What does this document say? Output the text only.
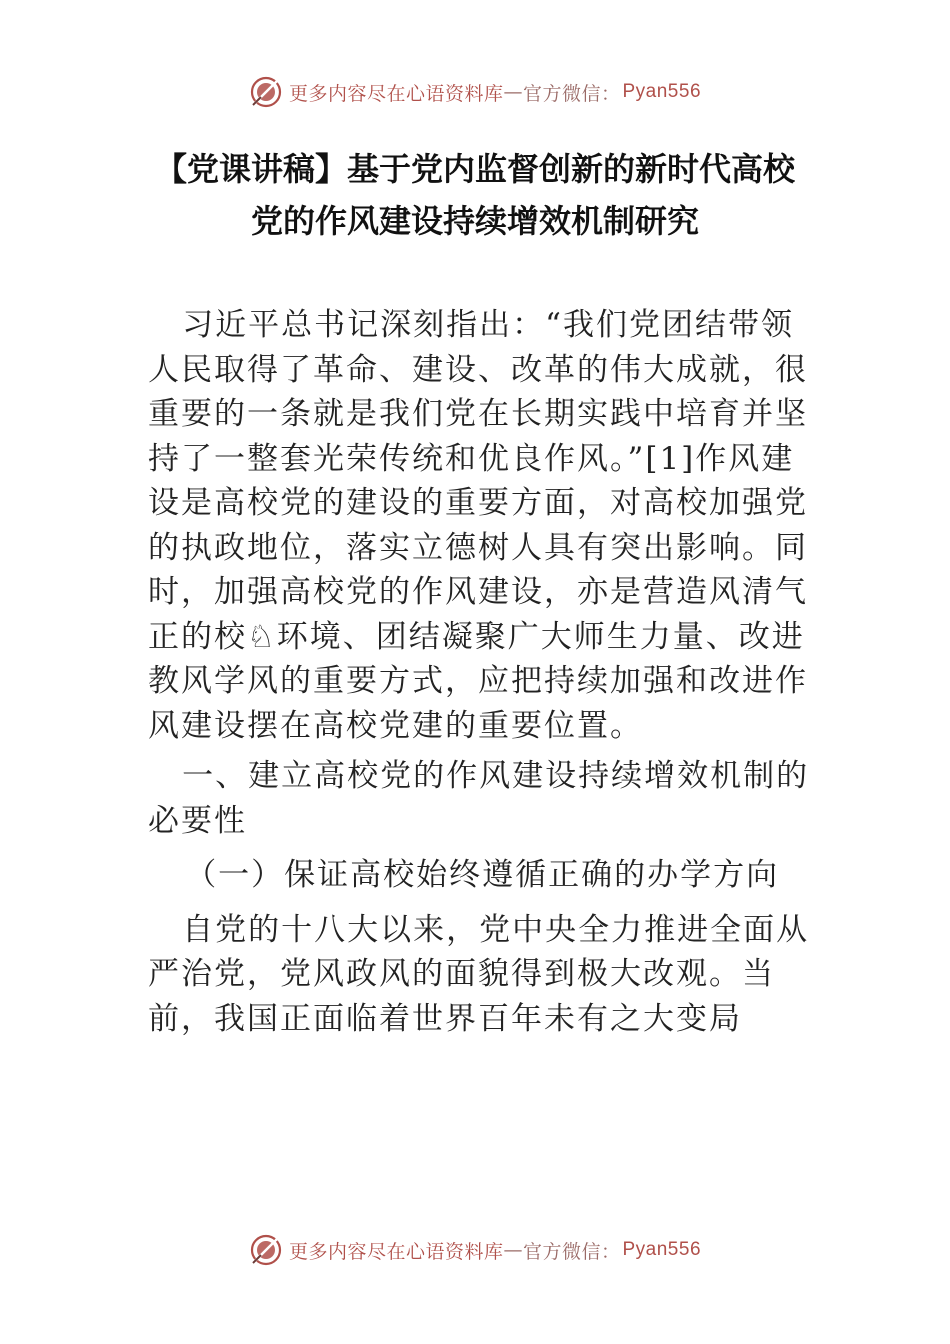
更多内容尽在心语资料库 — 官方微信： Pyan556
【党课讲稿】基于党内监督创新的新时代高校
党的作风建设持续增效机制研究

习近平总书记深刻指出：“我们党团结带领人民取得了革命、建设、改革的伟大成就，很重要的一条就是我们党在长期实践中培育并坚持了一整套光荣传统和优良作风。”[1]作风建设是高校党的建设的重要方面，对高校加强党的执政地位，落实立德树人具有突出影响。同时，加强高校党的作风建设，亦是营造风清气正的校♘环境、团结凝聚广大师生力量、改进教风学风的重要方式，应把持续加强和改进作风建设摆在高校党建的重要位置。

一、建立高校党的作风建设持续增效机制的必要性

（一）保证高校始终遵循正确的办学方向

自党的十八大以来，党中央全力推进全面从严治党，党风政风的面貌得到极大改观。当前，我国正面临着世界百年未有之大变局

更多内容尽在心语资料库 — 官方微信： Pyan556
